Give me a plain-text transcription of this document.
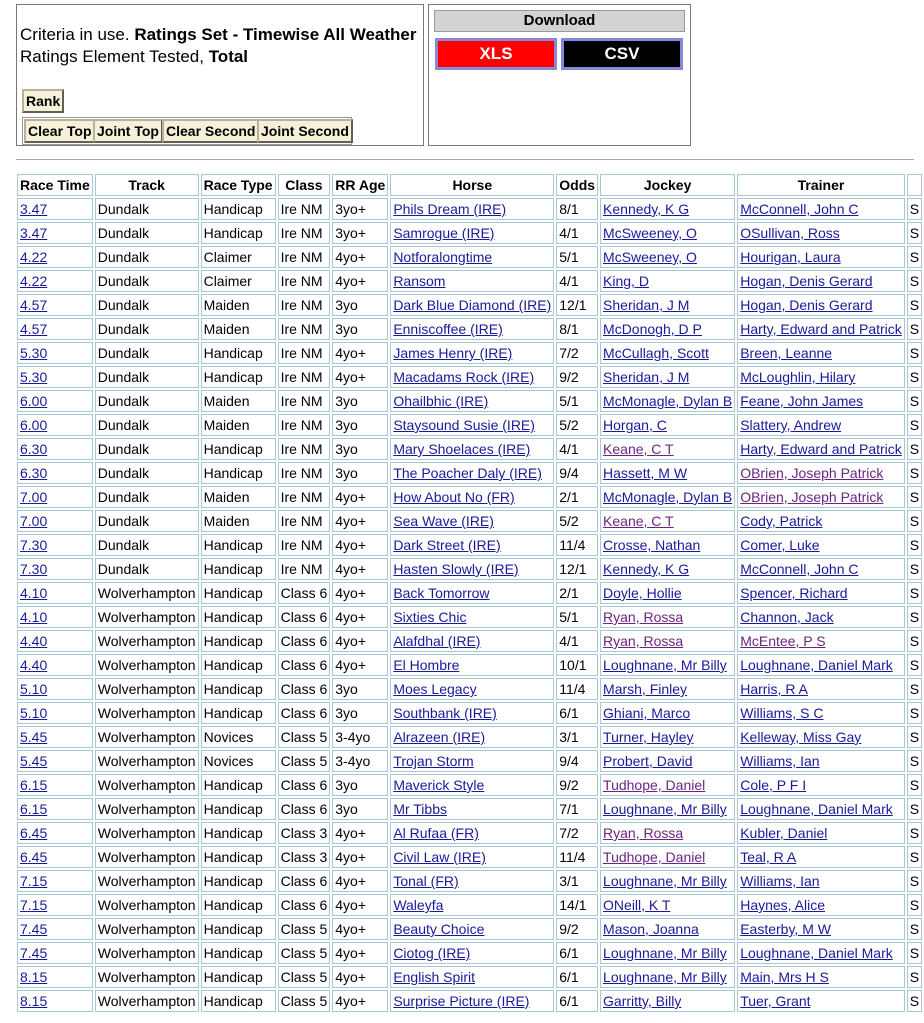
Criteria in use. Ratings Set - Timewise All Weather
Ratings Element Tested, Total
Rank
Clear Top Joint Top Clear Second Joint Second
Download
XLS	CSV
Race Time	Track	Race Type	Class	RR Age	Horse	Odds	Jockey	Trainer	
3.47	Dundalk	Handicap	Ire NM	3yo+	Phils Dream (IRE)	8/1	Kennedy, K G	McConnell, John C	S
3.47	Dundalk	Handicap	Ire NM	3yo+	Samrogue (IRE)	4/1	McSweeney, O	OSullivan, Ross	S
4.22	Dundalk	Claimer	Ire NM	4yo+	Notforalongtime	5/1	McSweeney, O	Hourigan, Laura	S
4.22	Dundalk	Claimer	Ire NM	4yo+	Ransom	4/1	King, D	Hogan, Denis Gerard	S
4.57	Dundalk	Maiden	Ire NM	3yo	Dark Blue Diamond (IRE)	12/1	Sheridan, J M	Hogan, Denis Gerard	S
4.57	Dundalk	Maiden	Ire NM	3yo	Enniscoffee (IRE)	8/1	McDonogh, D P	Harty, Edward and Patrick	S
5.30	Dundalk	Handicap	Ire NM	4yo+	James Henry (IRE)	7/2	McCullagh, Scott	Breen, Leanne	S
5.30	Dundalk	Handicap	Ire NM	4yo+	Macadams Rock (IRE)	9/2	Sheridan, J M	McLoughlin, Hilary	S
6.00	Dundalk	Maiden	Ire NM	3yo	Ohailbhic (IRE)	5/1	McMonagle, Dylan B	Feane, John James	S
6.00	Dundalk	Maiden	Ire NM	3yo	Staysound Susie (IRE)	5/2	Horgan, C	Slattery, Andrew	S
6.30	Dundalk	Handicap	Ire NM	3yo	Mary Shoelaces (IRE)	4/1	Keane, C T	Harty, Edward and Patrick	S
6.30	Dundalk	Handicap	Ire NM	3yo	The Poacher Daly (IRE)	9/4	Hassett, M W	OBrien, Joseph Patrick	S
7.00	Dundalk	Maiden	Ire NM	4yo+	How About No (FR)	2/1	McMonagle, Dylan B	OBrien, Joseph Patrick	S
7.00	Dundalk	Maiden	Ire NM	4yo+	Sea Wave (IRE)	5/2	Keane, C T	Cody, Patrick	S
7.30	Dundalk	Handicap	Ire NM	4yo+	Dark Street (IRE)	11/4	Crosse, Nathan	Comer, Luke	S
7.30	Dundalk	Handicap	Ire NM	4yo+	Hasten Slowly (IRE)	12/1	Kennedy, K G	McConnell, John C	S
4.10	Wolverhampton	Handicap	Class 6	4yo+	Back Tomorrow	2/1	Doyle, Hollie	Spencer, Richard	S
4.10	Wolverhampton	Handicap	Class 6	4yo+	Sixties Chic	5/1	Ryan, Rossa	Channon, Jack	S
4.40	Wolverhampton	Handicap	Class 6	4yo+	Alafdhal (IRE)	4/1	Ryan, Rossa	McEntee, P S	S
4.40	Wolverhampton	Handicap	Class 6	4yo+	El Hombre	10/1	Loughnane, Mr Billy	Loughnane, Daniel Mark	S
5.10	Wolverhampton	Handicap	Class 6	3yo	Moes Legacy	11/4	Marsh, Finley	Harris, R A	S
5.10	Wolverhampton	Handicap	Class 6	3yo	Southbank (IRE)	6/1	Ghiani, Marco	Williams, S C	S
5.45	Wolverhampton	Novices	Class 5	3-4yo	Alrazeen (IRE)	3/1	Turner, Hayley	Kelleway, Miss Gay	S
5.45	Wolverhampton	Novices	Class 5	3-4yo	Trojan Storm	9/4	Probert, David	Williams, Ian	S
6.15	Wolverhampton	Handicap	Class 6	3yo	Maverick Style	9/2	Tudhope, Daniel	Cole, P F I	S
6.15	Wolverhampton	Handicap	Class 6	3yo	Mr Tibbs	7/1	Loughnane, Mr Billy	Loughnane, Daniel Mark	S
6.45	Wolverhampton	Handicap	Class 3	4yo+	Al Rufaa (FR)	7/2	Ryan, Rossa	Kubler, Daniel	S
6.45	Wolverhampton	Handicap	Class 3	4yo+	Civil Law (IRE)	11/4	Tudhope, Daniel	Teal, R A	S
7.15	Wolverhampton	Handicap	Class 6	4yo+	Tonal (FR)	3/1	Loughnane, Mr Billy	Williams, Ian	S
7.15	Wolverhampton	Handicap	Class 6	4yo+	Waleyfa	14/1	ONeill, K T	Haynes, Alice	S
7.45	Wolverhampton	Handicap	Class 5	4yo+	Beauty Choice	9/2	Mason, Joanna	Easterby, M W	S
7.45	Wolverhampton	Handicap	Class 5	4yo+	Ciotog (IRE)	6/1	Loughnane, Mr Billy	Loughnane, Daniel Mark	S
8.15	Wolverhampton	Handicap	Class 5	4yo+	English Spirit	6/1	Loughnane, Mr Billy	Main, Mrs H S	S
8.15	Wolverhampton	Handicap	Class 5	4yo+	Surprise Picture (IRE)	6/1	Garritty, Billy	Tuer, Grant	S
